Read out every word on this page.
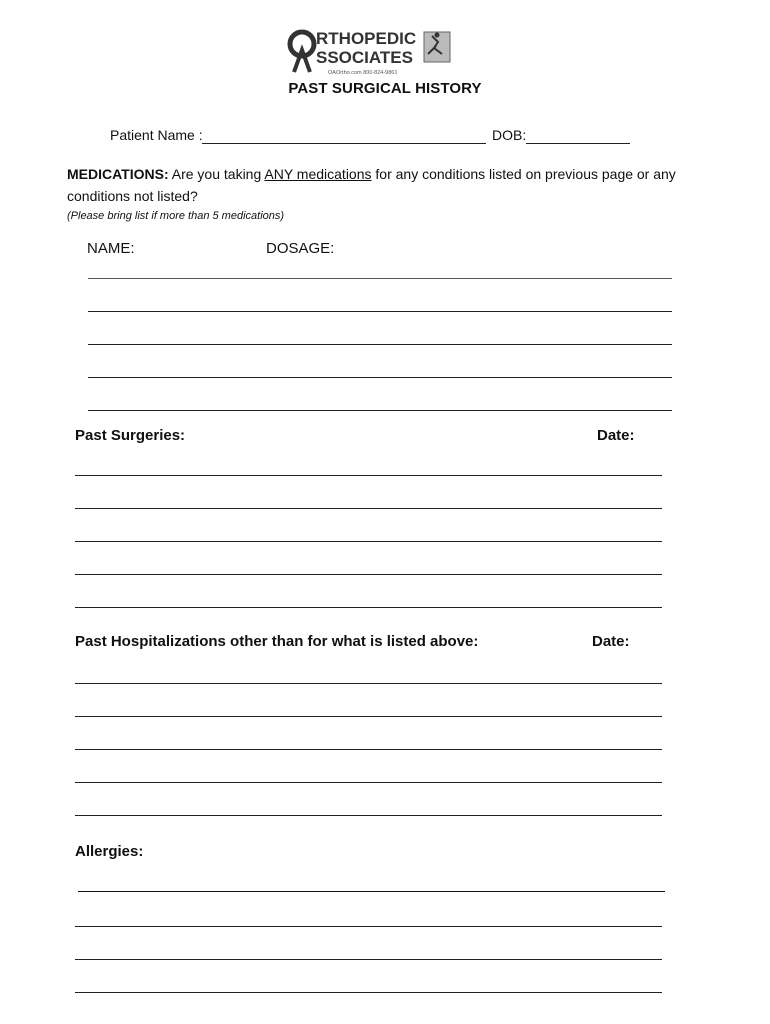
RTHOPEDIC
SSOCIATES
OAOrtho.com 800-824-9861
PAST SURGICAL HISTORY
Patient Name :	DOB:
MEDICATIONS: Are you taking ANY medications for any conditions listed on previous page or any
conditions not listed?
(Please bring list if more than 5 medications)
NAME:	DOSAGE:
Past Surgeries:	Date:
Past Hospitalizations other than for what is listed above:	Date:
Allergies:
